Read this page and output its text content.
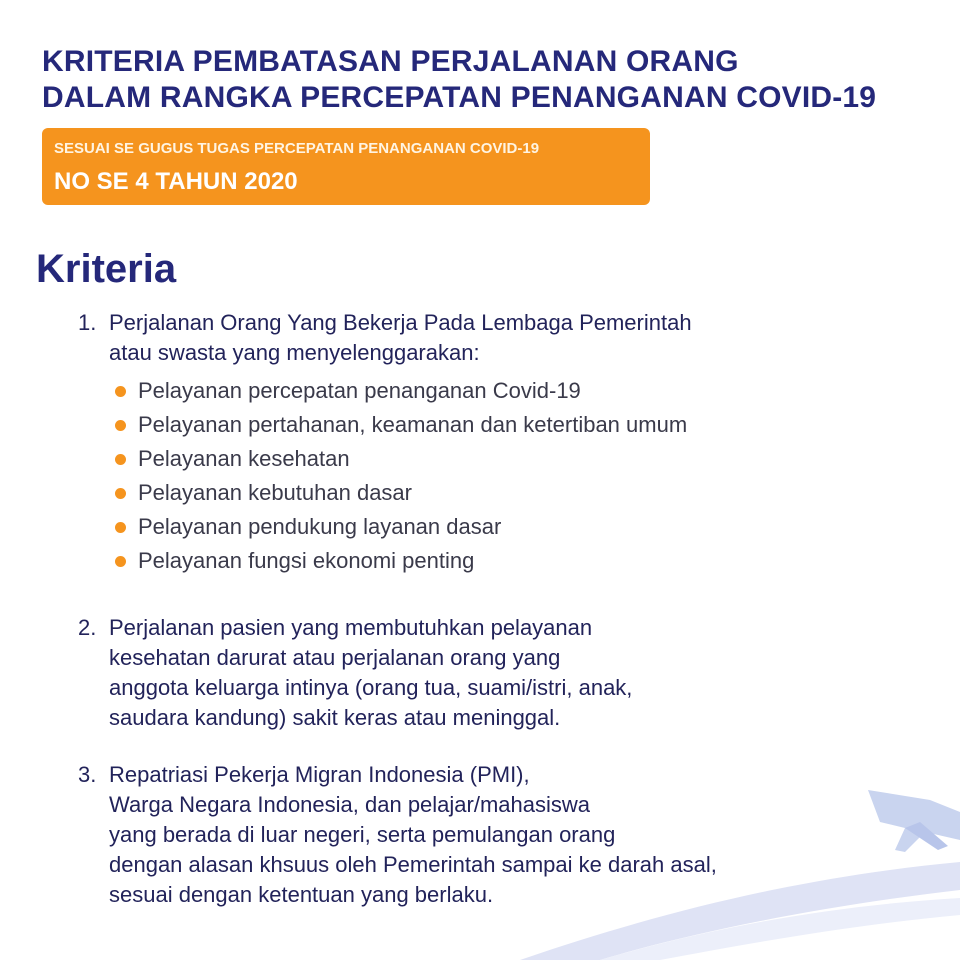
KRITERIA PEMBATASAN PERJALANAN ORANG
DALAM RANGKA PERCEPATAN PENANGANAN COVID-19
SESUAI SE GUGUS TUGAS PERCEPATAN PENANGANAN COVID-19
NO SE 4 TAHUN 2020
Kriteria
1. Perjalanan Orang Yang Bekerja Pada Lembaga Pemerintah
atau swasta yang menyelenggarakan:
Pelayanan percepatan penanganan Covid-19
Pelayanan pertahanan, keamanan dan ketertiban umum
Pelayanan kesehatan
Pelayanan kebutuhan dasar
Pelayanan pendukung layanan dasar
Pelayanan fungsi ekonomi penting
2. Perjalanan pasien yang membutuhkan pelayanan
kesehatan darurat atau perjalanan orang yang
anggota keluarga intinya (orang tua, suami/istri, anak,
saudara kandung) sakit keras atau meninggal.
3. Repatriasi Pekerja Migran Indonesia (PMI),
Warga Negara Indonesia, dan pelajar/mahasiswa
yang berada di luar negeri, serta pemulangan orang
dengan alasan khsuus oleh Pemerintah sampai ke darah asal,
sesuai dengan ketentuan yang berlaku.
